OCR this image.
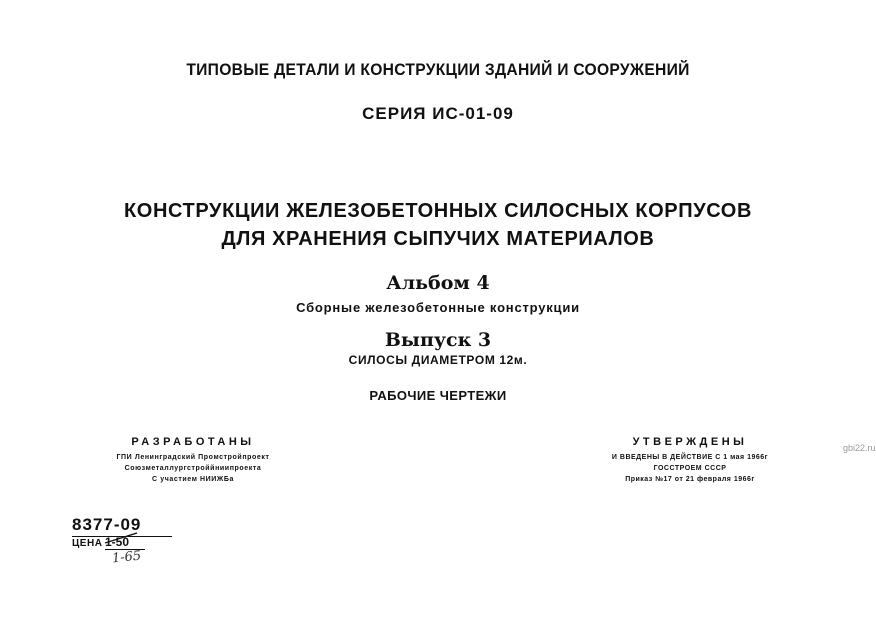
ТИПОВЫЕ ДЕТАЛИ И КОНСТРУКЦИИ ЗДАНИЙ И СООРУЖЕНИЙ
СЕРИЯ ИС-01-09
КОНСТРУКЦИИ ЖЕЛЕЗОБЕТОННЫХ СИЛОСНЫХ КОРПУСОВ
ДЛЯ ХРАНЕНИЯ СЫПУЧИХ МАТЕРИАЛОВ
Альбом 4
Сборные железобетонные конструкции
Выпуск 3
СИЛОСЫ ДИАМЕТРОМ 12м.
РАБОЧИЕ ЧЕРТЕЖИ
РАЗРАБОТАНЫ
ГПИ Ленинградский Промстройпроект
Союзметаллургстроййниипроекта
С участием НИИЖБа
УТВЕРЖДЕНЫ
И ВВЕДЕНЫ В ДЕЙСТВИЕ С 1 мая 1966г
ГОССТРОЕМ СССР
Приказ №17 от 21 февраля 1966г
gbi22.ru
8377-09
ЦЕНА 1-50
1-65
